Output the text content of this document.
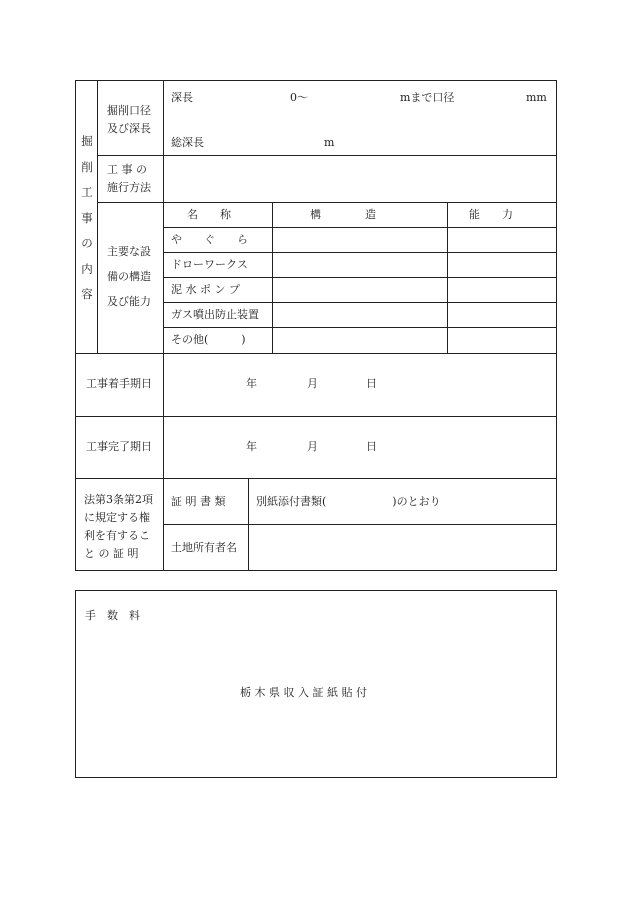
掘
削
工
事
の
内
容
掘削口径
及び深長
深長	0〜	mまで口径	mm
総深長	m
工 事 の
施行方法
主要な設
備の構造
及び能力
名　　称	構　　　　造	能　　力
や　　ぐ　　ら
ドローワークス
泥 水 ポ ン プ
ガス噴出防止装置
その他(　　　)
工事着手期日	年	月	日
工事完了期日	年	月	日
法第3条第2項
に規定する権
利を有するこ
と の 証 明
証 明 書 類	別紙添付書類(　　　　　　)のとおり
土地所有者名
手　数　料
栃 木 県 収 入 証 紙 貼 付
